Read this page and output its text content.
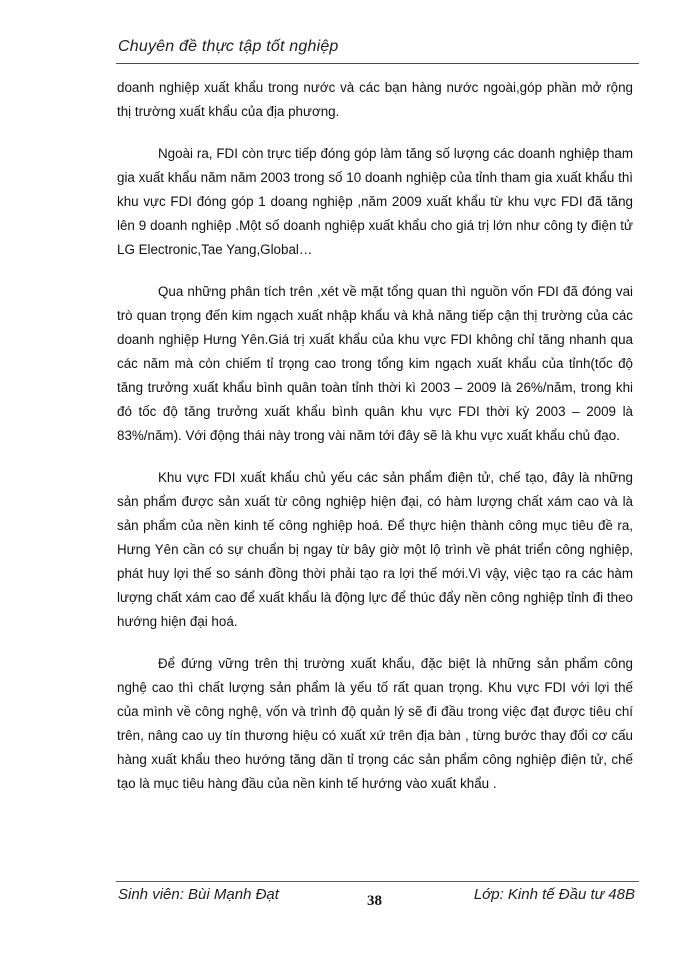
Chuyên đề thực tập tốt nghiệp

doanh nghiệp xuất khẩu trong nước và các bạn hàng nước ngoài,góp phần mở rộng thị trường xuất khẩu của địa phương.

Ngoài ra, FDI còn trực tiếp đóng góp làm tăng số lượng các doanh nghiệp tham gia xuất khẩu năm năm 2003 trong số 10 doanh nghiệp của tỉnh tham gia xuất khẩu thì khu vực FDI đóng góp 1 doang nghiệp ,năm 2009 xuất khẩu từ khu vực FDI đã tăng lên 9 doanh nghiệp .Một số doanh nghiệp xuất khẩu cho giá trị lớn như công ty điện tử LG Electronic,Tae Yang,Global…

Qua những phân tích trên ,xét về mặt tổng quan thì nguồn vốn FDI đã đóng vai trò quan trọng đến kim ngạch xuất nhập khẩu và khả năng tiếp cận thị trường của các doanh nghiệp Hưng Yên.Giá trị xuất khẩu của khu vực FDI không chỉ tăng nhanh qua các năm mà còn chiếm tỉ trọng cao trong tổng kim ngạch xuất khẩu của tỉnh(tốc độ tăng trưởng xuất khẩu bình quân toàn tỉnh thời kì 2003 – 2009 là 26%/năm, trong khi đó tốc độ tăng trưởng xuất khẩu bình quân khu vực FDI thời kỳ 2003 – 2009 là 83%/năm). Với động thái này trong vài năm tới đây sẽ là khu vực xuất khẩu chủ đạo.

Khu vực FDI xuất khẩu chủ yếu các sản phẩm điện tử, chế tạo, đây là những sản phẩm được sản xuất từ công nghiệp hiện đại, có hàm lượng chất xám cao và là sản phẩm của nền kinh tế công nghiệp hoá. Để thực hiện thành công mục tiêu đề ra, Hưng Yên cần có sự chuẩn bị ngay từ bây giờ một lộ trình về phát triển công nghiệp, phát huy lợi thế so sánh đồng thời phải tạo ra lợi thế mới.Vì vậy, việc tạo ra các hàm lượng chất xám cao để xuất khẩu là động lực để thúc đẩy nền công nghiệp tỉnh đi theo hướng hiện đại hoá.

Để đứng vững trên thị trường xuất khẩu, đặc biệt là những sản phẩm công nghệ cao thì chất lượng sản phẩm là yếu tố rất quan trọng. Khu vực FDI với lợi thế của mình về công nghệ, vốn và trình độ quản lý sẽ đi đầu trong việc đạt được tiêu chí trên, nâng cao uy tín thương hiệu có xuất xứ trên địa bàn , từng bước thay đổi cơ cấu hàng xuất khẩu theo hướng tăng dần tỉ trọng các sản phẩm công nghiệp điện tử, chế tạo là mục tiêu hàng đầu của nền kinh tế hướng vào xuất khẩu .

Sinh viên: Bùi Mạnh Đạt	38	Lớp: Kinh tế Đầu tư 48B
